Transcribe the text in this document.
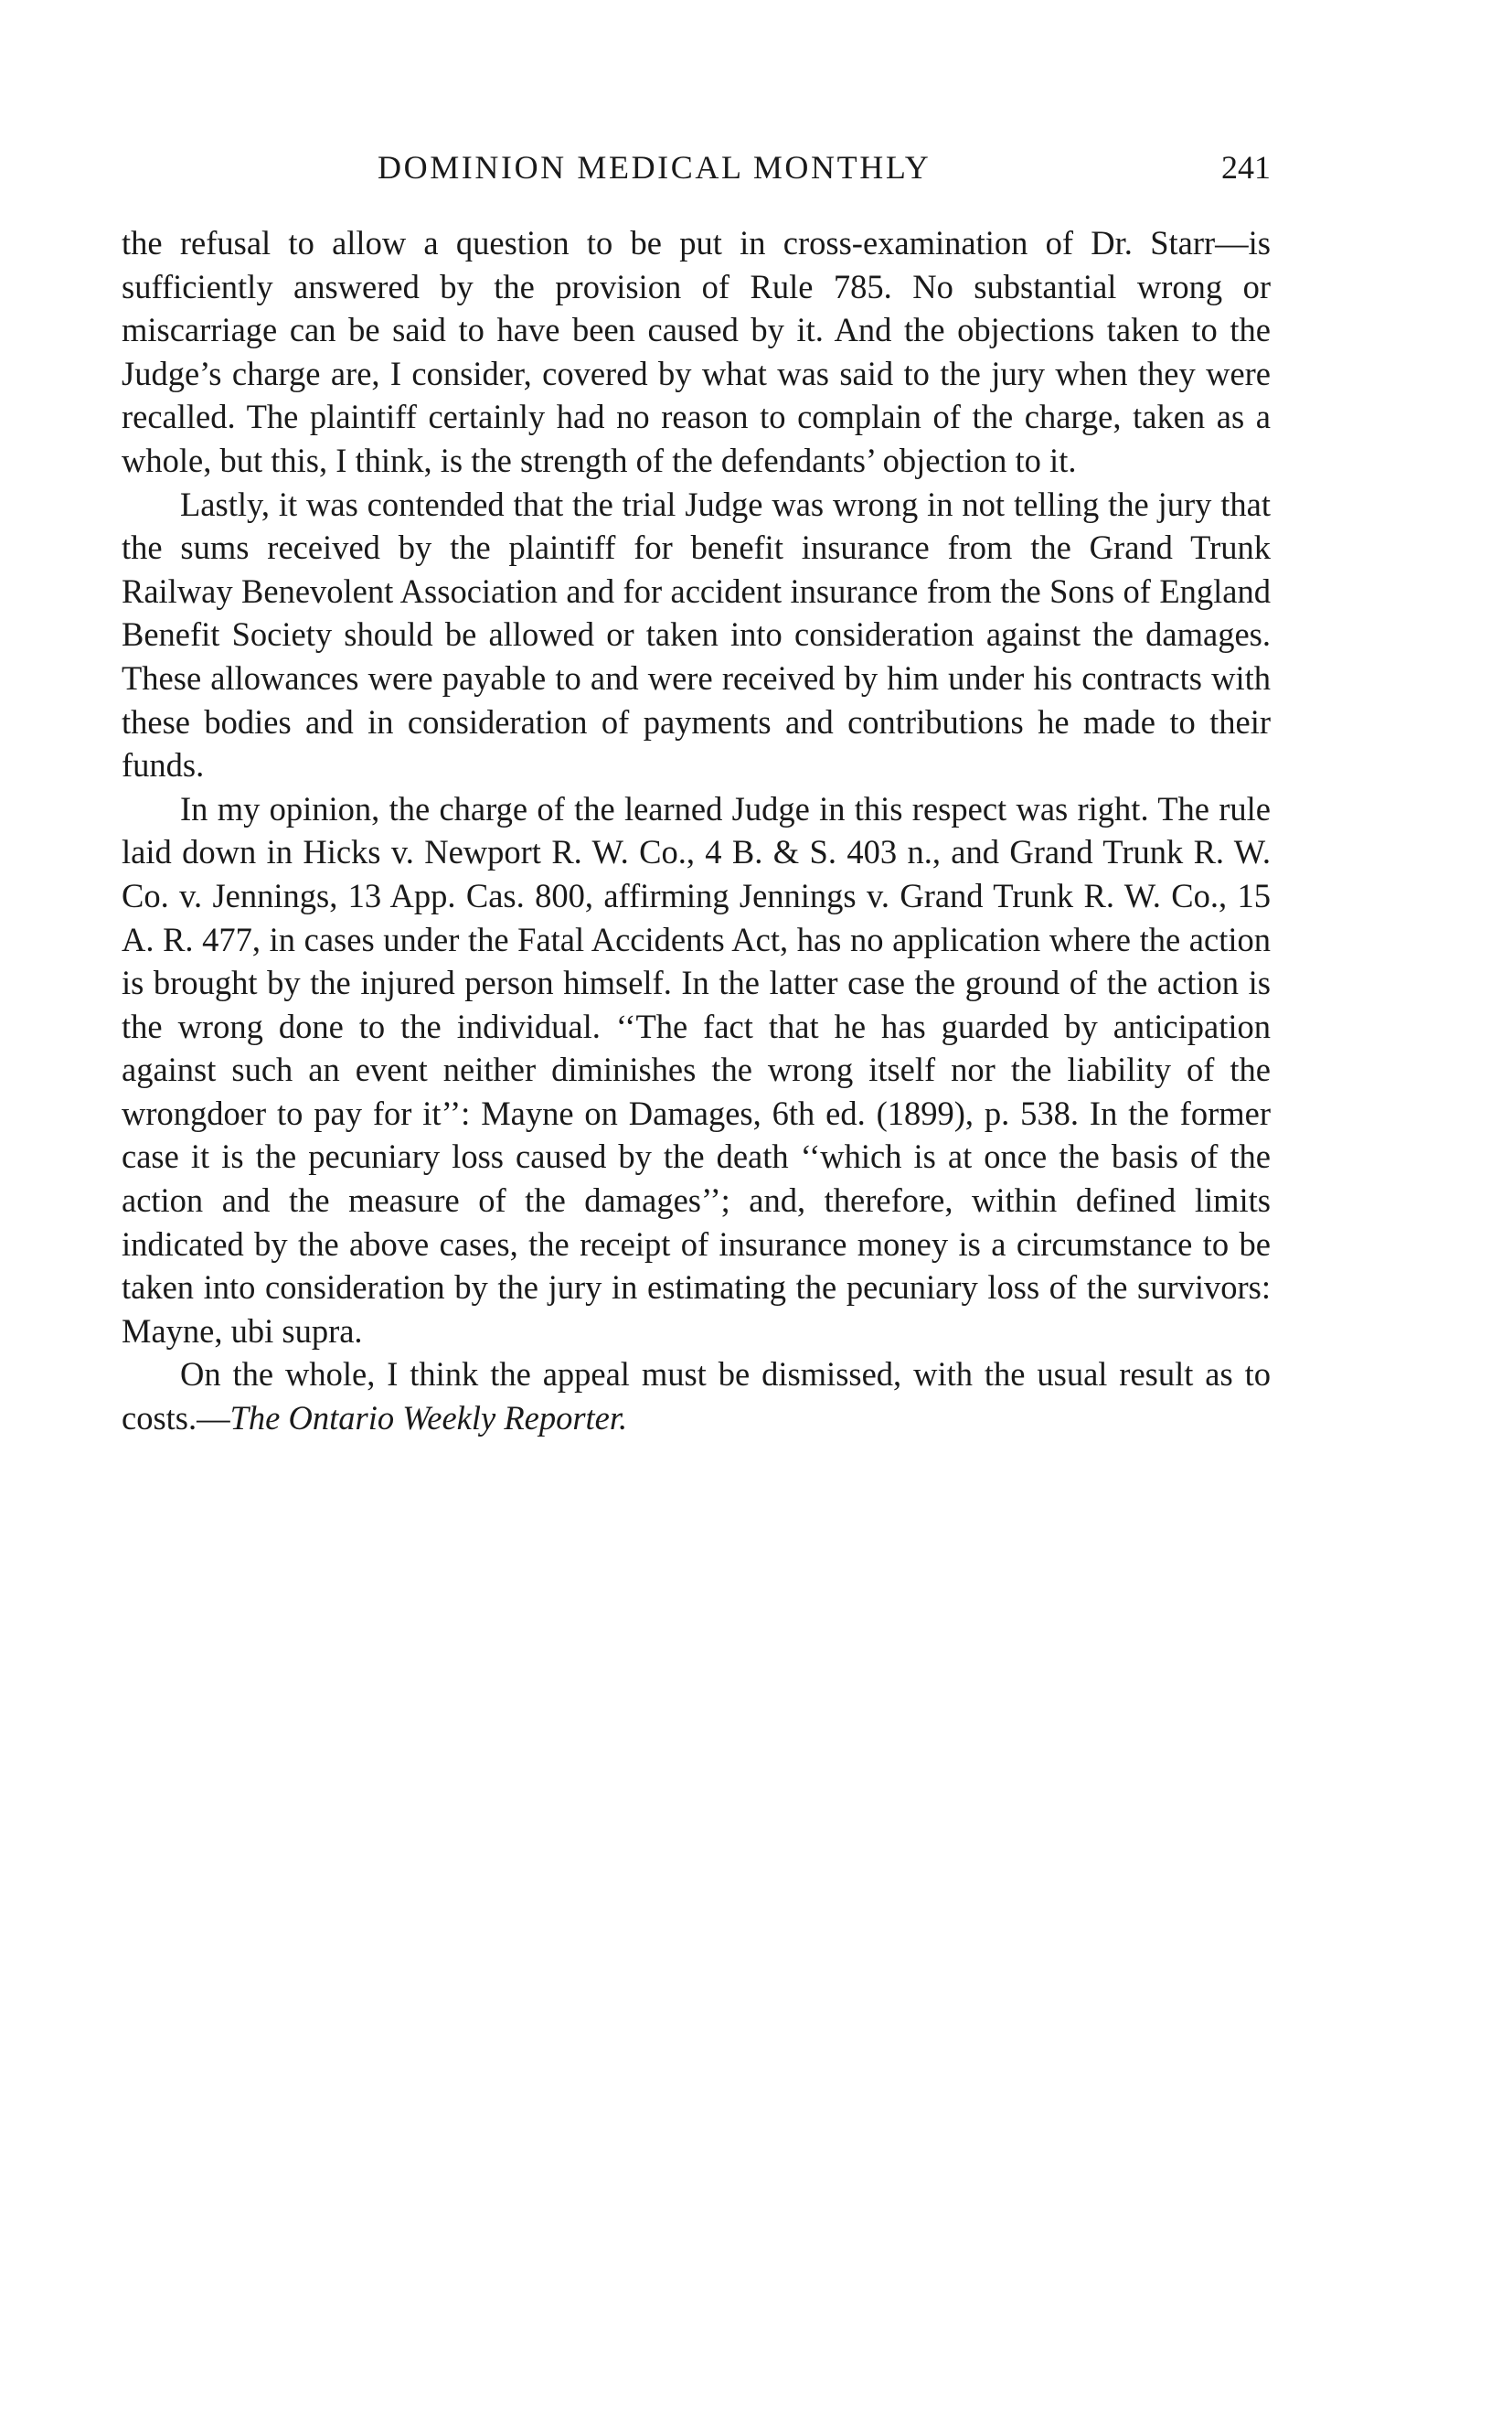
DOMINION MEDICAL MONTHLY	241

the refusal to allow a question to be put in cross-examination of Dr. Starr—is sufficiently answered by the provision of Rule 785. No substantial wrong or miscarriage can be said to have been caused by it. And the objections taken to the Judge’s charge are, I consider, covered by what was said to the jury when they were recalled. The plaintiff certainly had no reason to complain of the charge, taken as a whole, but this, I think, is the strength of the defendants’ objection to it.

Lastly, it was contended that the trial Judge was wrong in not telling the jury that the sums received by the plaintiff for benefit insurance from the Grand Trunk Railway Benevolent Association and for accident insurance from the Sons of England Benefit Society should be allowed or taken into consideration against the damages. These allowances were payable to and were received by him under his contracts with these bodies and in consideration of payments and contributions he made to their funds.

In my opinion, the charge of the learned Judge in this respect was right. The rule laid down in Hicks v. Newport R. W. Co., 4 B. & S. 403 n., and Grand Trunk R. W. Co. v. Jennings, 13 App. Cas. 800, affirming Jennings v. Grand Trunk R. W. Co., 15 A. R. 477, in cases under the Fatal Accidents Act, has no application where the action is brought by the injured person himself. In the latter case the ground of the action is the wrong done to the individual. ‘‘The fact that he has guarded by anticipation against such an event neither diminishes the wrong itself nor the liability of the wrongdoer to pay for it’’: Mayne on Damages, 6th ed. (1899), p. 538. In the former case it is the pecuniary loss caused by the death ‘‘which is at once the basis of the action and the measure of the damages’’; and, therefore, within defined limits indicated by the above cases, the receipt of insurance money is a circumstance to be taken into consideration by the jury in estimating the pecuniary loss of the survivors: Mayne, ubi supra.

On the whole, I think the appeal must be dismissed, with the usual result as to costs.—The Ontario Weekly Reporter.
